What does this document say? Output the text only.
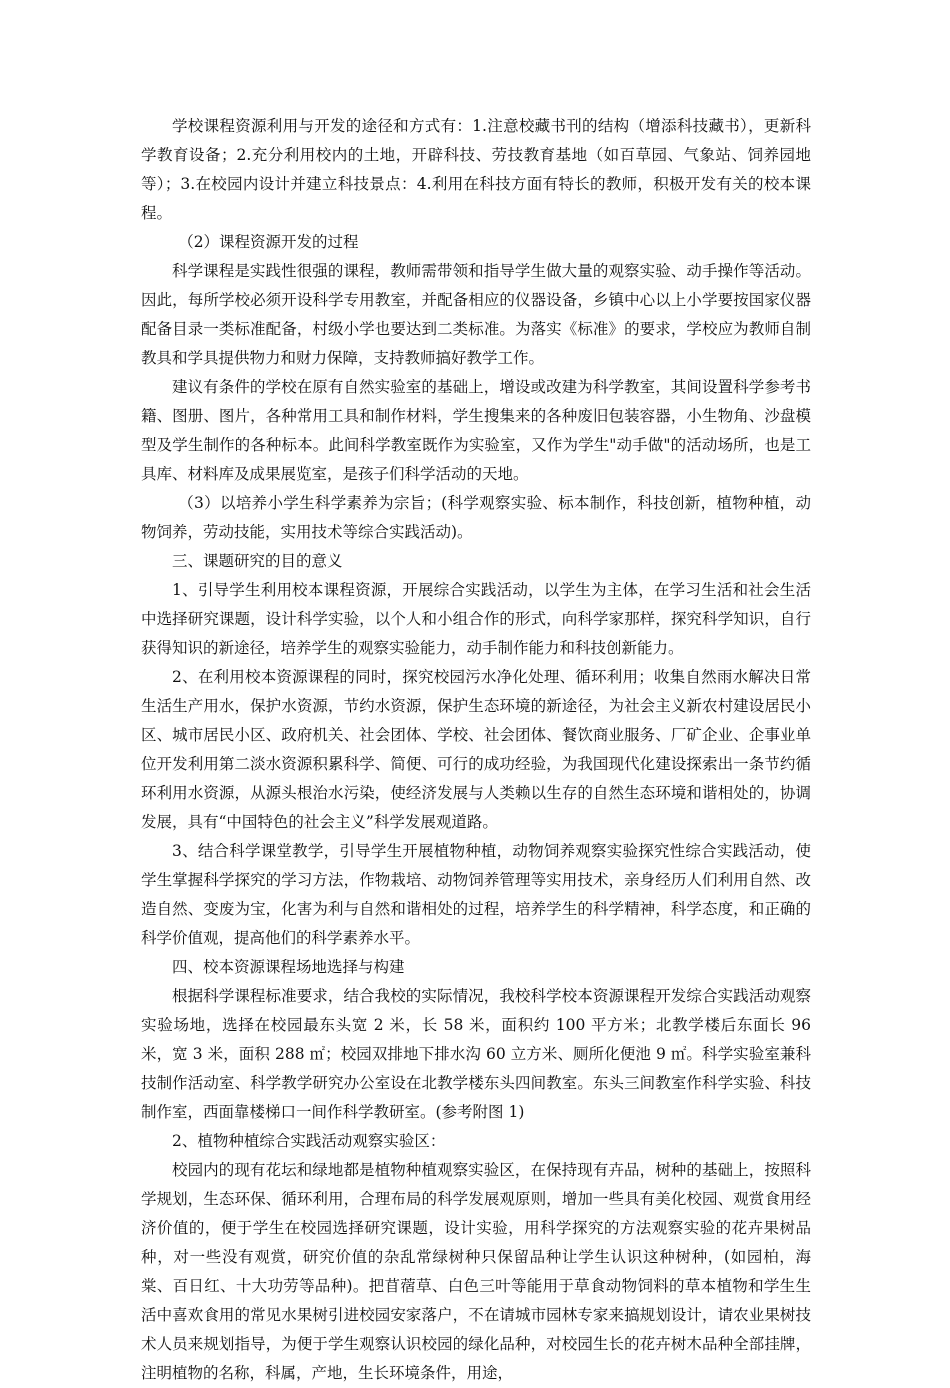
学校课程资源利用与开发的途径和方式有：1.注意校藏书刊的结构（增添科技藏书），更新科学教育设备；2.充分利用校内的土地，开辟科技、劳技教育基地（如百草园、气象站、饲养园地等）；3.在校园内设计并建立科技景点：4.利用在科技方面有特长的教师，积极开发有关的校本课程。

（2）课程资源开发的过程

科学课程是实践性很强的课程，教师需带领和指导学生做大量的观察实验、动手操作等活动。因此，每所学校必须开设科学专用教室，并配备相应的仪器设备，乡镇中心以上小学要按国家仪器配备目录一类标准配备，村级小学也要达到二类标准。为落实《标准》的要求，学校应为教师自制教具和学具提供物力和财力保障，支持教师搞好教学工作。

建议有条件的学校在原有自然实验室的基础上，增设或改建为科学教室，其间设置科学参考书籍、图册、图片，各种常用工具和制作材料，学生搜集来的各种废旧包装容器，小生物角、沙盘模型及学生制作的各种标本。此间科学教室既作为实验室，又作为学生"动手做"的活动场所，也是工具库、材料库及成果展览室，是孩子们科学活动的天地。

（3）以培养小学生科学素养为宗旨；(科学观察实验、标本制作，科技创新，植物种植，动物饲养，劳动技能，实用技术等综合实践活动)。

三、课题研究的目的意义

1、引导学生利用校本课程资源，开展综合实践活动，以学生为主体，在学习生活和社会生活中选择研究课题，设计科学实验，以个人和小组合作的形式，向科学家那样，探究科学知识，自行获得知识的新途径，培养学生的观察实验能力，动手制作能力和科技创新能力。

2、在利用校本资源课程的同时，探究校园污水净化处理、循环利用；收集自然雨水解决日常生活生产用水，保护水资源，节约水资源，保护生态环境的新途径，为社会主义新农村建设居民小区、城市居民小区、政府机关、社会团体、学校、社会团体、餐饮商业服务、厂矿企业、企事业单位开发利用第二淡水资源积累科学、简便、可行的成功经验，为我国现代化建设探索出一条节约循环利用水资源，从源头根治水污染，使经济发展与人类赖以生存的自然生态环境和谐相处的，协调发展，具有“中国特色的社会主义”科学发展观道路。

3、结合科学课堂教学，引导学生开展植物种植，动物饲养观察实验探究性综合实践活动，使学生掌握科学探究的学习方法，作物栽培、动物饲养管理等实用技术，亲身经历人们利用自然、改造自然、变废为宝，化害为利与自然和谐相处的过程，培养学生的科学精神，科学态度，和正确的科学价值观，提高他们的科学素养水平。

四、校本资源课程场地选择与构建

根据科学课程标准要求，结合我校的实际情况，我校科学校本资源课程开发综合实践活动观察实验场地，选择在校园最东头宽 2 米，长 58 米，面积约 100 平方米；北教学楼后东面长 96 米，宽 3 米，面积 288 ㎡；校园双排地下排水沟 60 立方米、厕所化便池 9 ㎡。科学实验室兼科技制作活动室、科学教学研究办公室设在北教学楼东头四间教室。东头三间教室作科学实验、科技制作室，西面靠楼梯口一间作科学教研室。(参考附图 1)

2、植物种植综合实践活动观察实验区：

校园内的现有花坛和绿地都是植物种植观察实验区，在保持现有卉品，树种的基础上，按照科学规划，生态环保、循环利用，合理布局的科学发展观原则，增加一些具有美化校园、观赏食用经济价值的，便于学生在校园选择研究课题，设计实验，用科学探究的方法观察实验的花卉果树品种，对一些没有观赏，研究价值的杂乱常绿树种只保留品种让学生认识这种树种，(如园柏，海棠、百日红、十大功劳等品种)。把苜蓿草、白色三叶等能用于草食动物饲料的草本植物和学生生活中喜欢食用的常见水果树引进校园安家落户，不在请城市园林专家来搞规划设计，请农业果树技术人员来规划指导，为便于学生观察认识校园的绿化品种，对校园生长的花卉树木品种全部挂牌，注明植物的名称，科属，产地，生长环境条件，用途，
